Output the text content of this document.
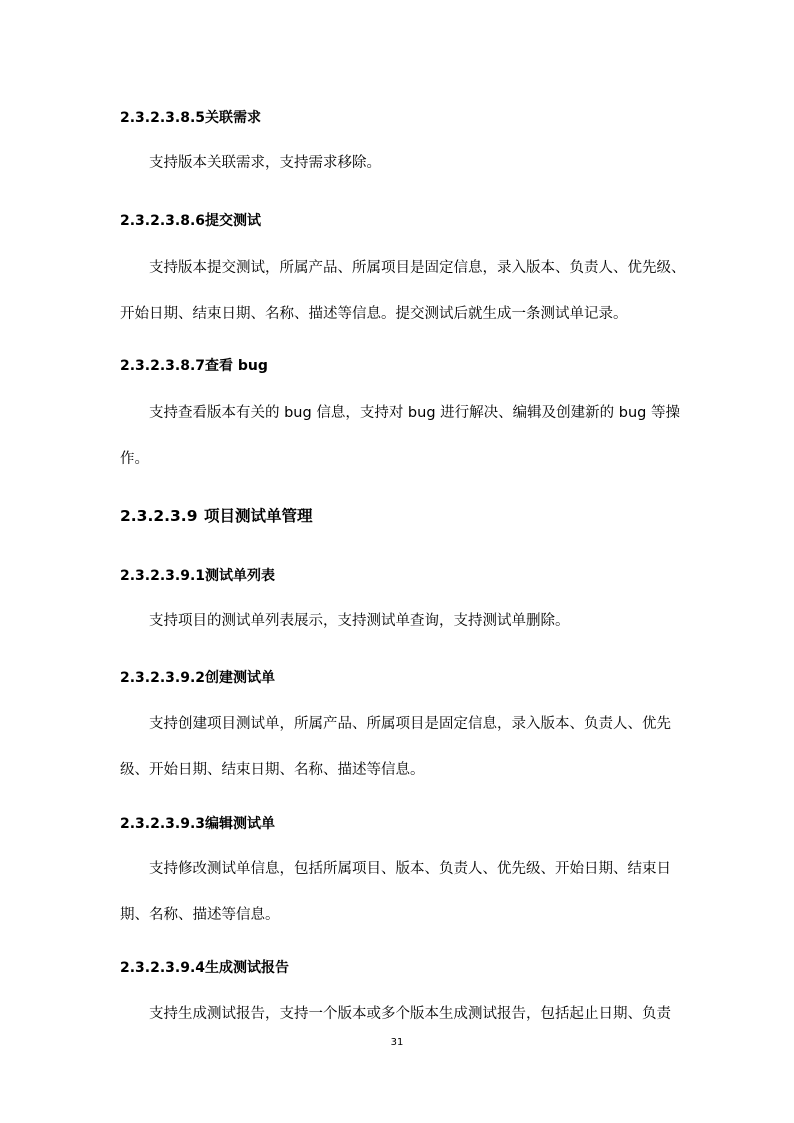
2.3.2.3.8.5关联需求

支持版本关联需求，支持需求移除。

2.3.2.3.8.6提交测试

支持版本提交测试，所属产品、所属项目是固定信息，录入版本、负责人、优先级、
开始日期、结束日期、名称、描述等信息。提交测试后就生成一条测试单记录。

2.3.2.3.8.7查看 bug

支持查看版本有关的 bug 信息，支持对 bug 进行解决、编辑及创建新的 bug 等操
作。

2.3.2.3.9 项目测试单管理
2.3.2.3.9.1测试单列表

支持项目的测试单列表展示，支持测试单查询，支持测试单删除。

2.3.2.3.9.2创建测试单

支持创建项目测试单，所属产品、所属项目是固定信息，录入版本、负责人、优先
级、开始日期、结束日期、名称、描述等信息。

2.3.2.3.9.3编辑测试单

支持修改测试单信息，包括所属项目、版本、负责人、优先级、开始日期、结束日
期、名称、描述等信息。

2.3.2.3.9.4生成测试报告

支持生成测试报告，支持一个版本或多个版本生成测试报告，包括起止日期、负责

31
